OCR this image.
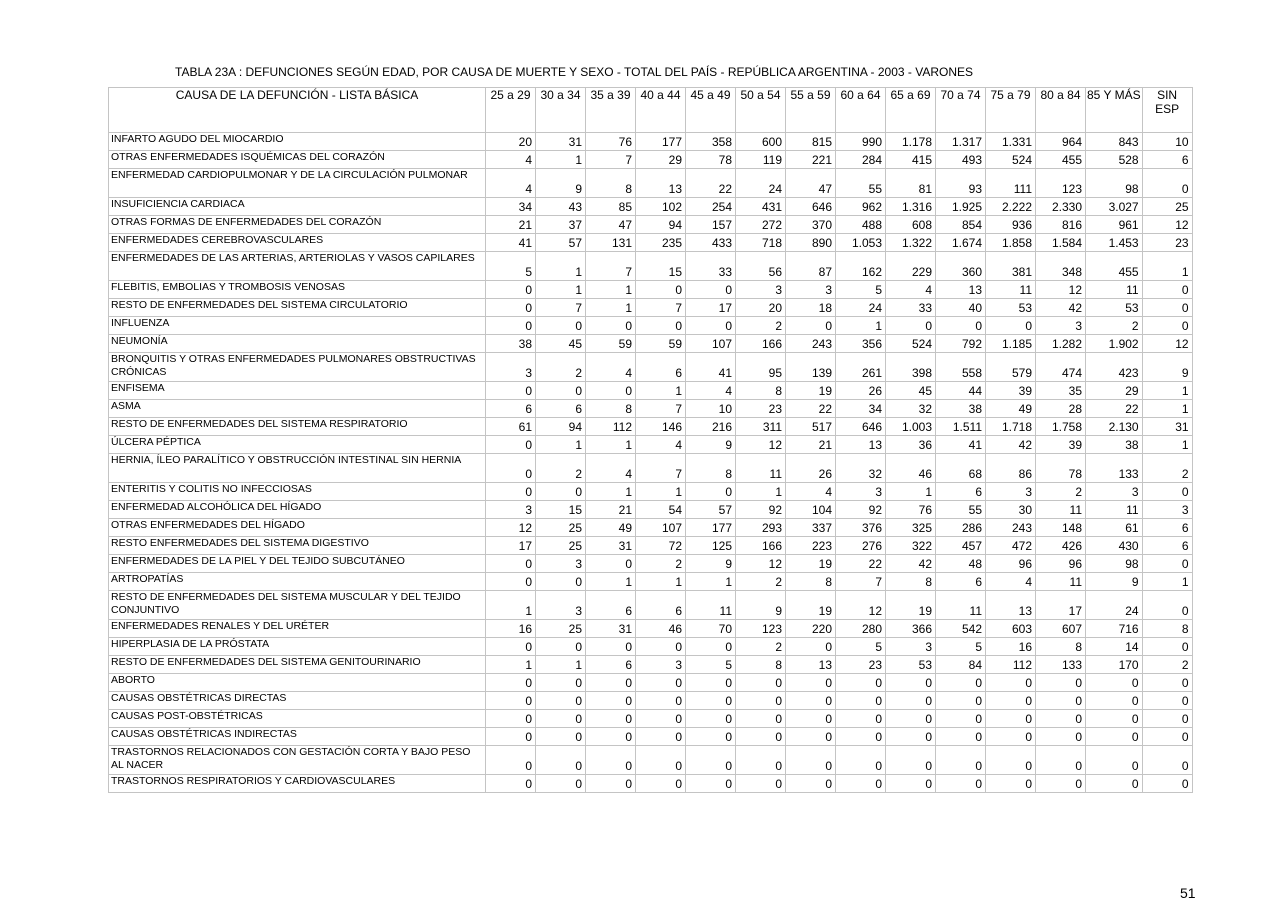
TABLA 23A : DEFUNCIONES SEGÚN EDAD, POR CAUSA DE MUERTE Y SEXO - TOTAL DEL PAÍS - REPÚBLICA ARGENTINA - 2003 - VARONES
CAUSA DE LA DEFUNCIÓN - LISTA BÁSICA	25 a 29	30 a 34	35 a 39	40 a 44	45 a 49	50 a 54	55 a 59	60 a 64	65 a 69	70 a 74	75 a 79	80 a 84	85 Y MÁS	SIN ESP
INFARTO AGUDO DEL MIOCARDIO	20	31	76	177	358	600	815	990	1.178	1.317	1.331	964	843	10
OTRAS ENFERMEDADES ISQUÉMICAS DEL CORAZÓN	4	1	7	29	78	119	221	284	415	493	524	455	528	6
ENFERMEDAD CARDIOPULMONAR Y DE LA CIRCULACIÓN PULMONAR	4	9	8	13	22	24	47	55	81	93	111	123	98	0
INSUFICIENCIA CARDIACA	34	43	85	102	254	431	646	962	1.316	1.925	2.222	2.330	3.027	25
OTRAS FORMAS DE ENFERMEDADES DEL CORAZÓN	21	37	47	94	157	272	370	488	608	854	936	816	961	12
ENFERMEDADES CEREBROVASCULARES	41	57	131	235	433	718	890	1.053	1.322	1.674	1.858	1.584	1.453	23
ENFERMEDADES DE LAS ARTERIAS, ARTERIOLAS Y VASOS CAPILARES	5	1	7	15	33	56	87	162	229	360	381	348	455	1
FLEBITIS, EMBOLIAS Y TROMBOSIS VENOSAS	0	1	1	0	0	3	3	5	4	13	11	12	11	0
RESTO DE ENFERMEDADES DEL SISTEMA CIRCULATORIO	0	7	1	7	17	20	18	24	33	40	53	42	53	0
INFLUENZA	0	0	0	0	0	2	0	1	0	0	0	3	2	0
NEUMONÍA	38	45	59	59	107	166	243	356	524	792	1.185	1.282	1.902	12
BRONQUITIS Y OTRAS ENFERMEDADES PULMONARES OBSTRUCTIVAS CRÓNICAS	3	2	4	6	41	95	139	261	398	558	579	474	423	9
ENFISEMA	0	0	0	1	4	8	19	26	45	44	39	35	29	1
ASMA	6	6	8	7	10	23	22	34	32	38	49	28	22	1
RESTO DE ENFERMEDADES DEL SISTEMA RESPIRATORIO	61	94	112	146	216	311	517	646	1.003	1.511	1.718	1.758	2.130	31
ÚLCERA PÉPTICA	0	1	1	4	9	12	21	13	36	41	42	39	38	1
HERNIA, ÍLEO PARALÍTICO Y OBSTRUCCIÓN INTESTINAL SIN HERNIA	0	2	4	7	8	11	26	32	46	68	86	78	133	2
ENTERITIS Y COLITIS NO INFECCIOSAS	0	0	1	1	0	1	4	3	1	6	3	2	3	0
ENFERMEDAD ALCOHÓLICA DEL HÍGADO	3	15	21	54	57	92	104	92	76	55	30	11	11	3
OTRAS ENFERMEDADES DEL HÍGADO	12	25	49	107	177	293	337	376	325	286	243	148	61	6
RESTO ENFERMEDADES DEL SISTEMA DIGESTIVO	17	25	31	72	125	166	223	276	322	457	472	426	430	6
ENFERMEDADES DE LA PIEL Y DEL TEJIDO SUBCUTÁNEO	0	3	0	2	9	12	19	22	42	48	96	96	98	0
ARTROPATÍAS	0	0	1	1	1	2	8	7	8	6	4	11	9	1
RESTO DE ENFERMEDADES DEL SISTEMA MUSCULAR Y DEL TEJIDO CONJUNTIVO	1	3	6	6	11	9	19	12	19	11	13	17	24	0
ENFERMEDADES RENALES Y DEL URÉTER	16	25	31	46	70	123	220	280	366	542	603	607	716	8
HIPERPLASIA DE LA PRÓSTATA	0	0	0	0	0	2	0	5	3	5	16	8	14	0
RESTO DE ENFERMEDADES DEL SISTEMA GENITOURINARIO	1	1	6	3	5	8	13	23	53	84	112	133	170	2
ABORTO	0	0	0	0	0	0	0	0	0	0	0	0	0	0
CAUSAS OBSTÉTRICAS DIRECTAS	0	0	0	0	0	0	0	0	0	0	0	0	0	0
CAUSAS POST-OBSTÉTRICAS	0	0	0	0	0	0	0	0	0	0	0	0	0	0
CAUSAS OBSTÉTRICAS INDIRECTAS	0	0	0	0	0	0	0	0	0	0	0	0	0	0
TRASTORNOS RELACIONADOS CON GESTACIÓN CORTA Y BAJO PESO AL NACER	0	0	0	0	0	0	0	0	0	0	0	0	0	0
TRASTORNOS RESPIRATORIOS Y CARDIOVASCULARES	0	0	0	0	0	0	0	0	0	0	0	0	0	0
51
